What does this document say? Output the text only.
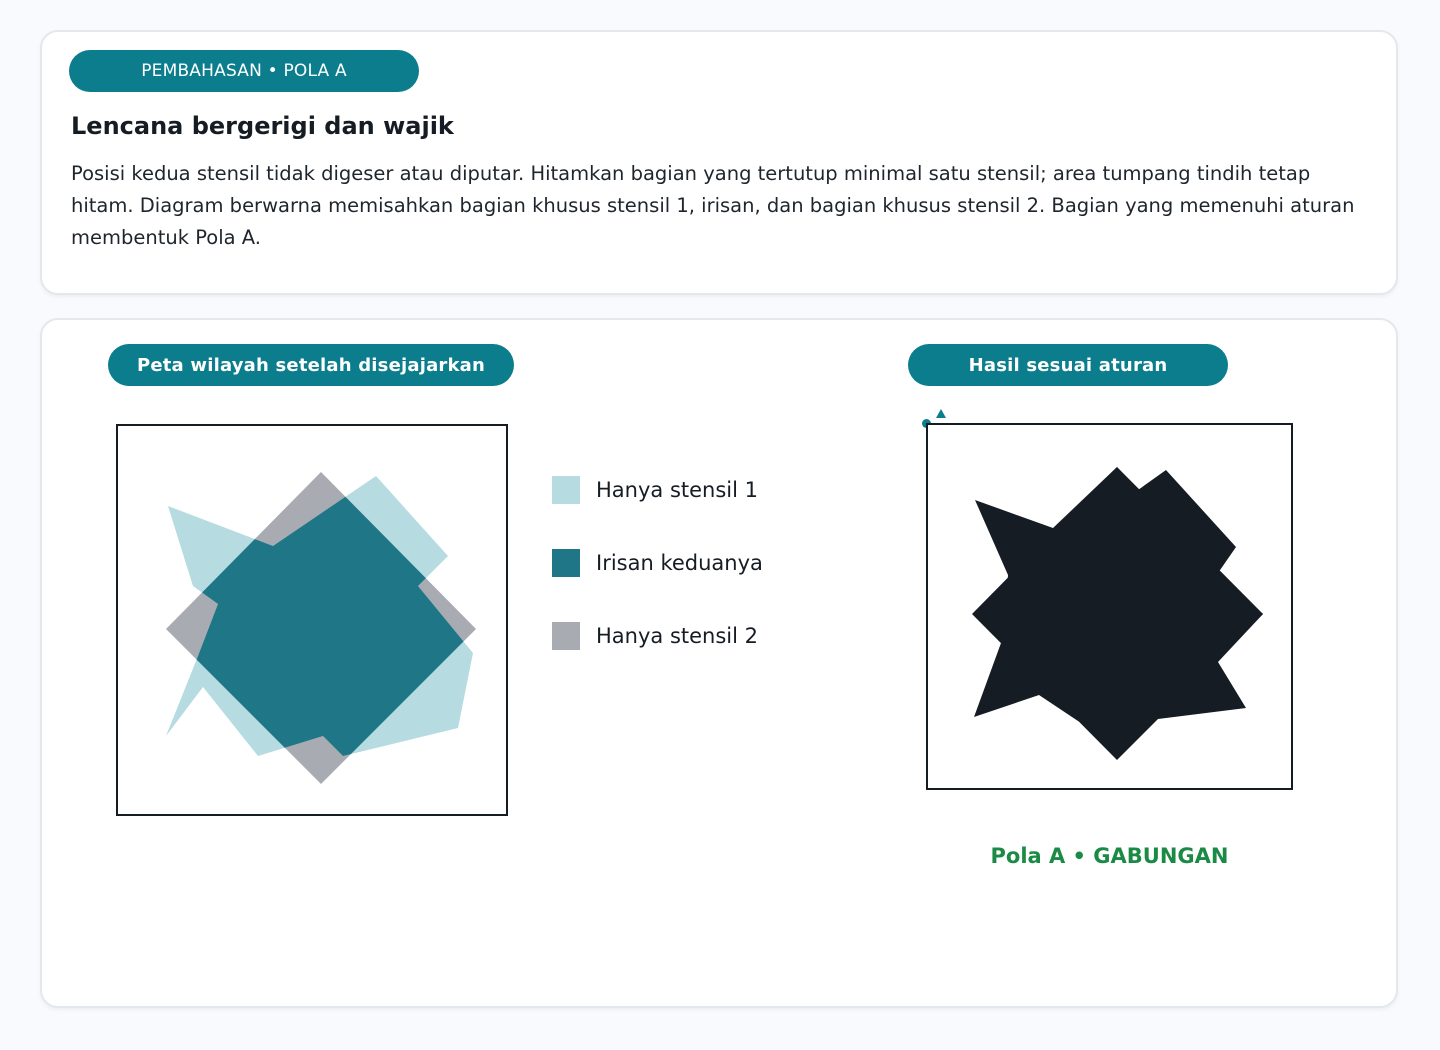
PEMBAHASAN • POLA A
Lencana bergerigi dan wajik

Posisi kedua stensil tidak digeser atau diputar. Hitamkan bagian yang tertutup minimal satu stensil; area tumpang tindih tetap hitam. Diagram berwarna memisahkan bagian khusus stensil 1, irisan, dan bagian khusus stensil 2. Bagian yang memenuhi aturan membentuk Pola A.

Peta wilayah setelah disejajarkan	Hasil sesuai aturan
Hanya stensil 1
Irisan keduanya
Hanya stensil 2
Pola A • GABUNGAN
